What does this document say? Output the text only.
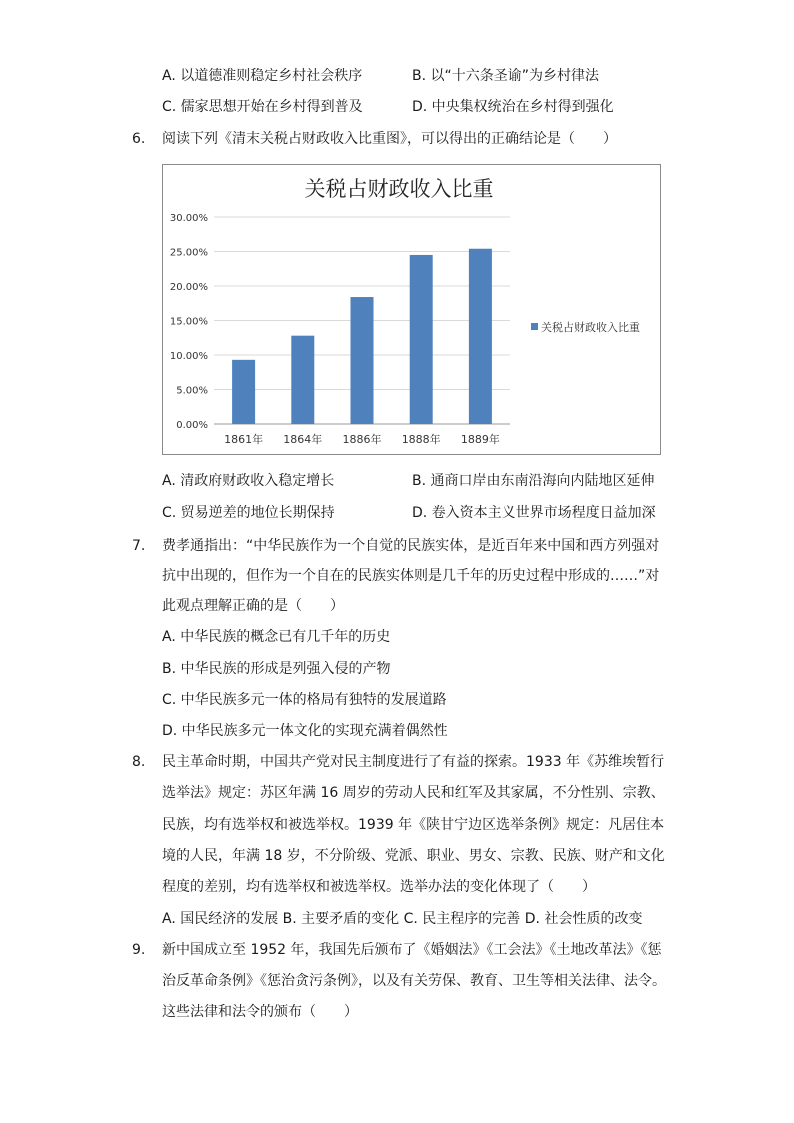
A. 以道德准则稳定乡村社会秩序	B. 以“十六条圣谕”为乡村律法
C. 儒家思想开始在乡村得到普及	D. 中央集权统治在乡村得到强化
6. 阅读下列《清末关税占财政收入比重图》，可以得出的正确结论是（　　）
关税占财政收入比重
0.00%
5.00%
10.00%
15.00%
20.00%
25.00%
30.00%
1861年 1864年 1886年 1888年 1889年
关税占财政收入比重
A. 清政府财政收入稳定增长	B. 通商口岸由东南沿海向内陆地区延伸
C. 贸易逆差的地位长期保持	D. 卷入资本主义世界市场程度日益加深
7. 费孝通指出：“中华民族作为一个自觉的民族实体，是近百年来中国和西方列强对
抗中出现的，但作为一个自在的民族实体则是几千年的历史过程中形成的……”对
此观点理解正确的是（　　）
A. 中华民族的概念已有几千年的历史
B. 中华民族的形成是列强入侵的产物
C. 中华民族多元一体的格局有独特的发展道路
D. 中华民族多元一体文化的实现充满着偶然性
8. 民主革命时期，中国共产党对民主制度进行了有益的探索。1933 年《苏维埃暂行
选举法》规定：苏区年满 16 周岁的劳动人民和红军及其家属，不分性别、宗教、
民族，均有选举权和被选举权。1939 年《陕甘宁边区选举条例》规定：凡居住本
境的人民，年满 18 岁，不分阶级、党派、职业、男女、宗教、民族、财产和文化
程度的差别，均有选举权和被选举权。选举办法的变化体现了（　　）
A. 国民经济的发展 B. 主要矛盾的变化 C. 民主程序的完善 D. 社会性质的改变
9. 新中国成立至 1952 年，我国先后颁布了《婚姻法》《工会法》《土地改革法》《惩
治反革命条例》《惩治贪污条例》，以及有关劳保、教育、卫生等相关法律、法令。
这些法律和法令的颁布（　　）
